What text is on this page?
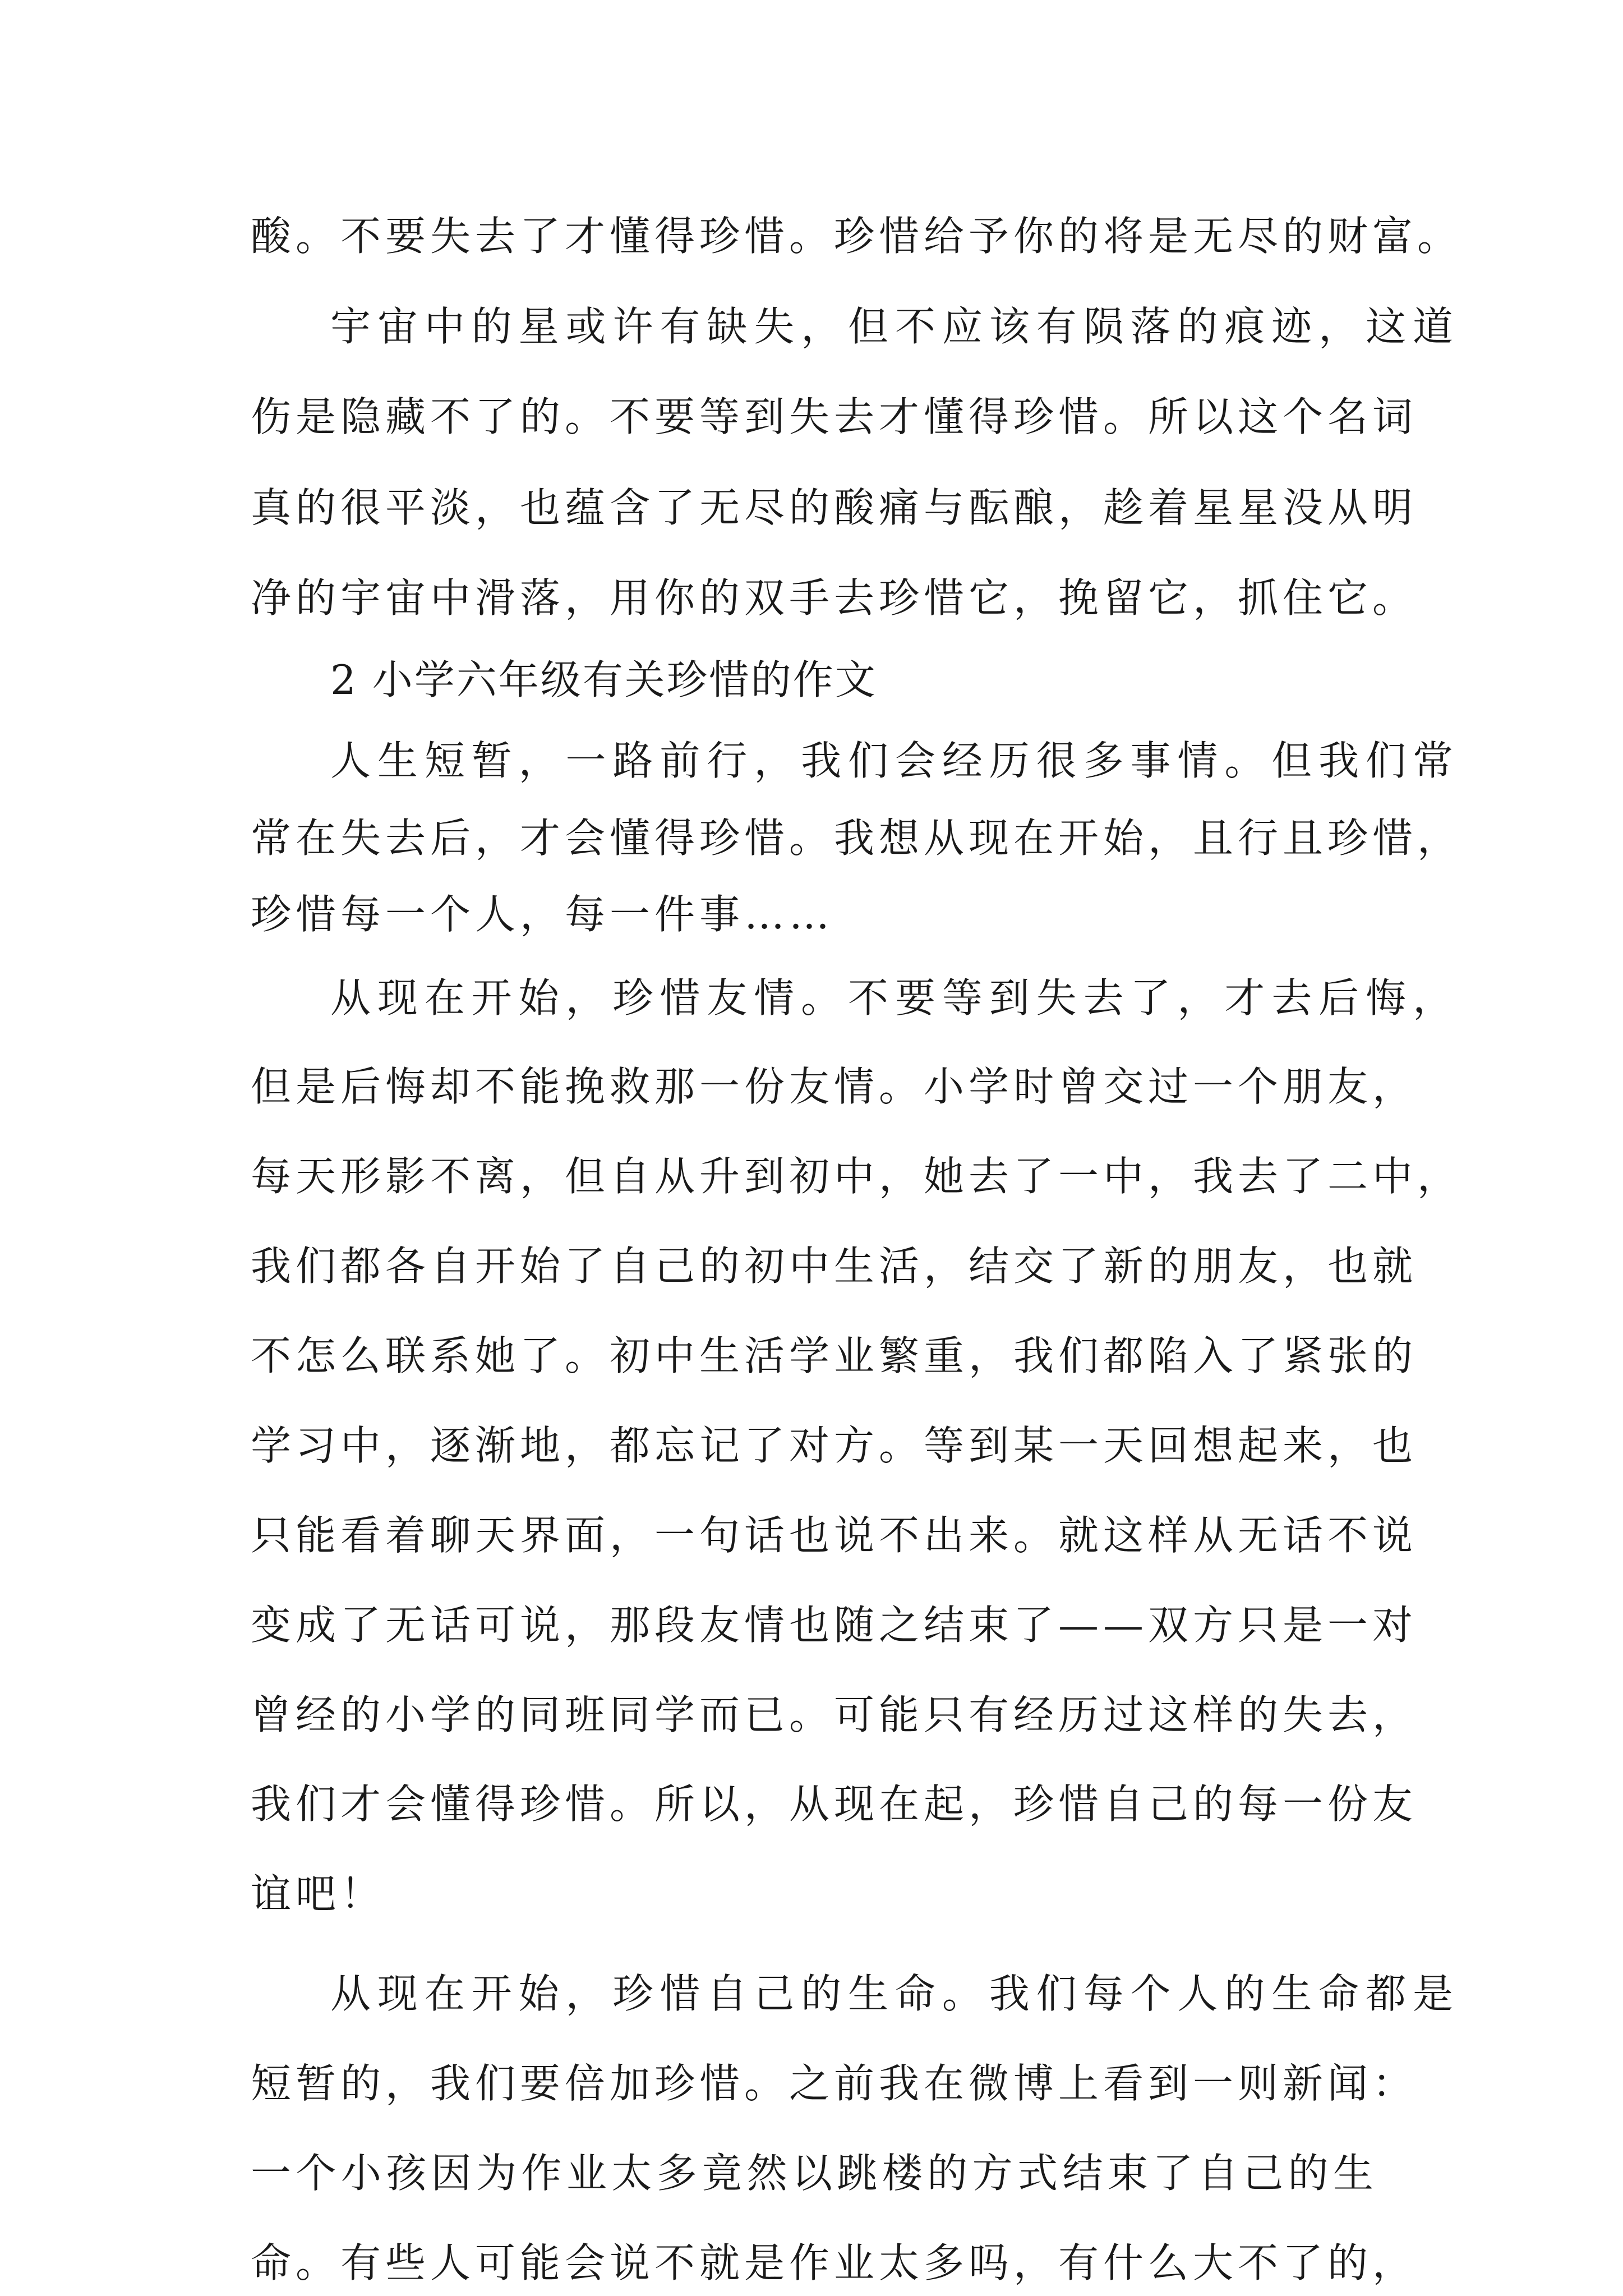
酸。不要失去了才懂得珍惜。珍惜给予你的将是无尽的财富。
宇宙中的星或许有缺失，但不应该有陨落的痕迹，这道
伤是隐藏不了的。不要等到失去才懂得珍惜。所以这个名词
真的很平淡，也蕴含了无尽的酸痛与酝酿，趁着星星没从明
净的宇宙中滑落，用你的双手去珍惜它，挽留它，抓住它。
2 小学六年级有关珍惜的作文
人生短暂，一路前行，我们会经历很多事情。但我们常
常在失去后，才会懂得珍惜。我想从现在开始，且行且珍惜，
珍惜每一个人，每一件事……
从现在开始，珍惜友情。不要等到失去了，才去后悔，
但是后悔却不能挽救那一份友情。小学时曾交过一个朋友，
每天形影不离，但自从升到初中，她去了一中，我去了二中，
我们都各自开始了自己的初中生活，结交了新的朋友，也就
不怎么联系她了。初中生活学业繁重，我们都陷入了紧张的
学习中，逐渐地，都忘记了对方。等到某一天回想起来，也
只能看着聊天界面，一句话也说不出来。就这样从无话不说
变成了无话可说，那段友情也随之结束了——双方只是一对
曾经的小学的同班同学而已。可能只有经历过这样的失去，
我们才会懂得珍惜。所以，从现在起，珍惜自己的每一份友
谊吧！
从现在开始，珍惜自己的生命。我们每个人的生命都是
短暂的，我们要倍加珍惜。之前我在微博上看到一则新闻：
一个小孩因为作业太多竟然以跳楼的方式结束了自己的生
命。有些人可能会说不就是作业太多吗，有什么大不了的，
